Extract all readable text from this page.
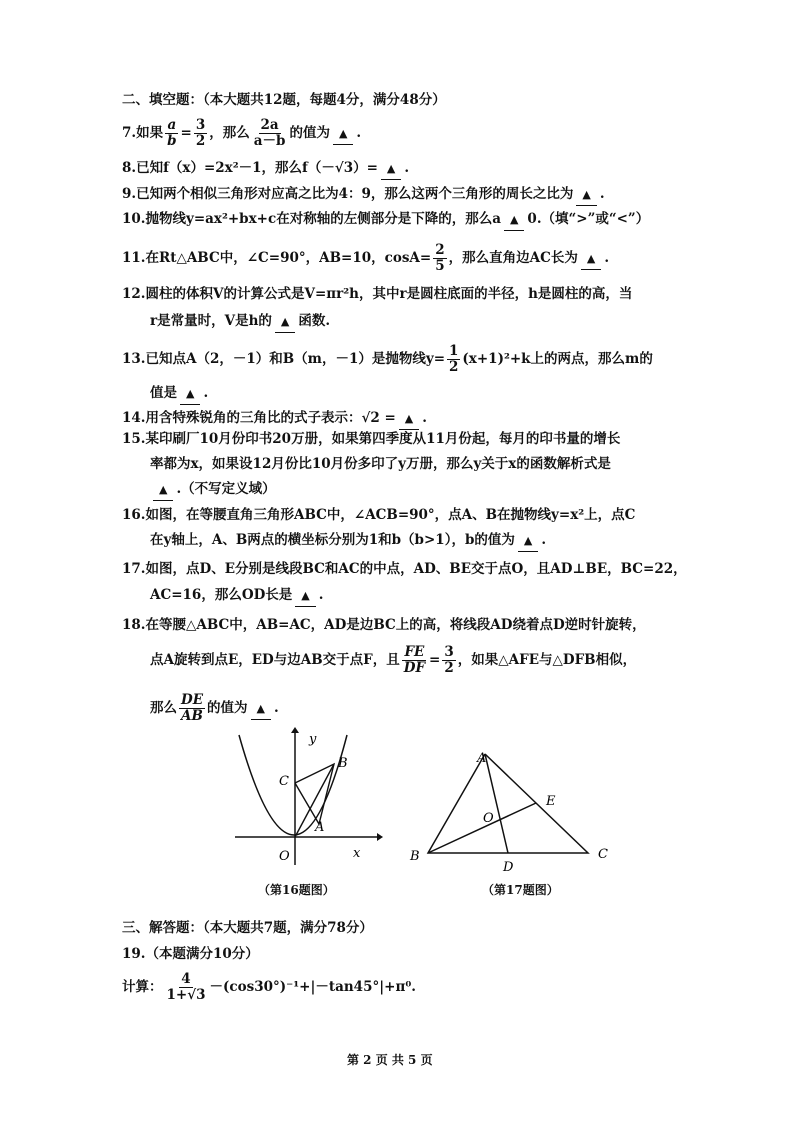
二、填空题：（本大题共12题，每题4分，满分48分）
7.如果 $\frac{a}{b} = \frac{3}{2}$ ，那么 $\frac{2a}{a-b}$ 的值为 ▲ .
8.已知f（x）=2x²－1，那么f（－√3）= ▲ .
9.已知两个相似三角形对应高之比为4：9，那么这两个三角形的周长之比为 ▲ .
10.抛物线y=ax²+bx+c在对称轴的左侧部分是下降的，那么a ▲ 0.（填“>”或“<”）
11.在Rt△ABC中，∠C=90°，AB=10，$\cos A= \frac{2}{5}$ ，那么直角边AC长为 ▲ .
12.圆柱的体积V的计算公式是V=πr²h，其中r是圆柱底面的半径，h是圆柱的高，当
r是常量时，V是h的 ▲ 函数.
13.已知点A（2，－1）和B（m，－1）是抛物线$y= \frac{1}{2} (x+1)^2+k$上的两点，那么m的
值是 ▲ .
14.用含特殊锐角的三角比的式子表示：√2 = ▲ .
15.某印刷厂10月份印书20万册，如果第四季度从11月份起，每月的印书量的增长
率都为x，如果设12月份比10月份多印了y万册，那么y关于x的函数解析式是
▲ .（不写定义域）
16.如图，在等腰直角三角形ABC中，∠ACB=90°，点A、B在抛物线y=x²上，点C
在y轴上，A、B两点的横坐标分别为1和b（b>1），b的值为 ▲ .
17.如图，点D、E分别是线段BC和AC的中点，AD、BE交于点O，且AD⊥BE，BC=22，
AC=16，那么OD长是 ▲ .
18.在等腰△ABC中，AB=AC，AD是边BC上的高，将线段AD绕着点D逆时针旋转，
点A旋转到点E，ED与边AB交于点F，且 $\frac{FE}{DF} = \frac{3}{2}$ ，如果△AFE与△DFB相似，
那么 $\frac{DE}{AB}$ 的值为 ▲ .
y
x
O
C
B
A
（第16题图）
A
B	C
D
E
O
（第17题图）
三、解答题：（本大题共7题，满分78分）
19.（本题满分10分）
计算： $\frac{4}{1+√3} -(\cos 30^\circ)^{-1}+|-\tan 45^\circ|+\pi^0$.
第 2 页 共 5 页
